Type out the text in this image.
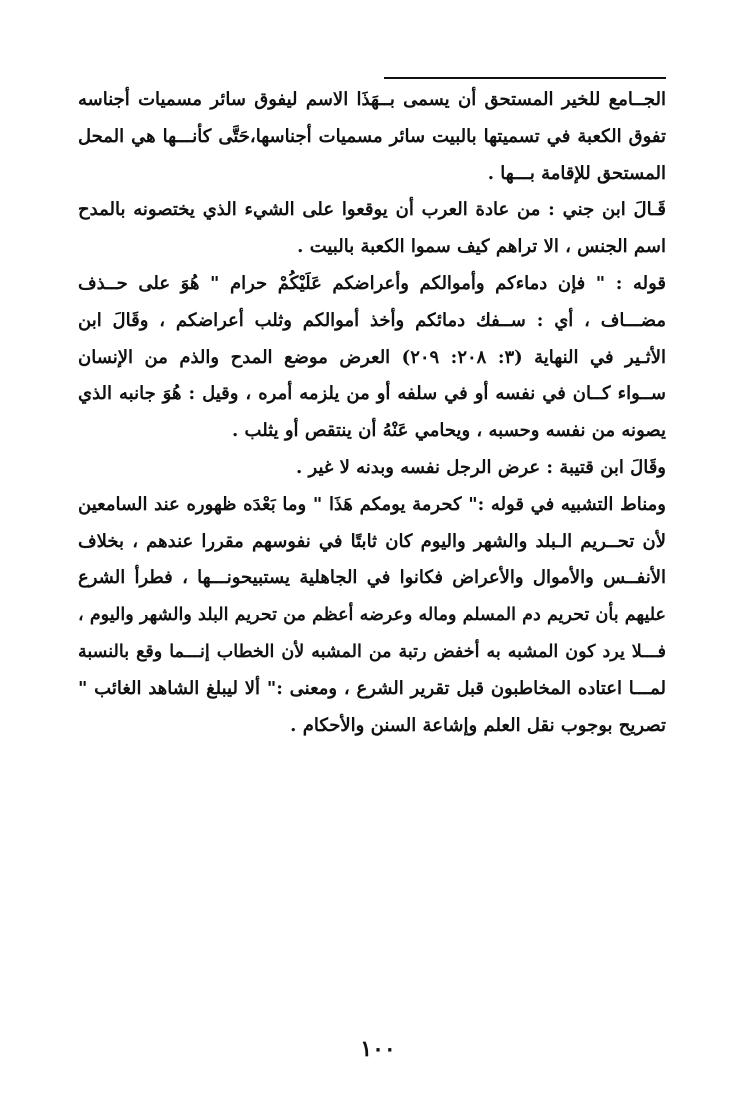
الجــامع للخير المستحق أن يسمى بــهَذَا الاسم ليفوق سائر مسميات أجناسه
تفوق الكعبة في تسميتها بالبيت سائر مسميات أجناسها،حَتَّى كأنـــها هي المحل
المستحق للإقامة بـــها .
قَـالَ ابن جني : من عادة العرب أن يوقعوا على الشيء الذي يختصونه بالمدح
اسم الجنس ، الا تراهم كيف سموا الكعبة بالبيت .
قوله : " فإن دماءكم وأموالكم وأعراضكم عَلَيْكُمْ حرام " هُوَ على حــذف
مضـــاف ، أي : ســفك دمائكم وأخذ أموالكم وثلب أعراضكم ، وقَالَ ابن
الأثـير في النهاية (٣: ٢٠٨: ٢٠٩) العرض موضع المدح والذم من الإنسان
ســواء كــان في نفسه أو في سلفه أو من يلزمه أمره ، وقيل : هُوَ جانبه الذي
يصونه من نفسه وحسبه ، ويحامي عَنْهُ أن ينتقص أو يثلب .
وقَالَ ابن قتيبة : عرض الرجل نفسه وبدنه لا غير .
ومناط التشبيه في قوله :" كحرمة يومكم هَذَا " وما بَعْدَه ظهوره عند السامعين
لأن تحــريم الـبلد والشهر واليوم كان ثابتًا في نفوسهم مقررا عندهم ، بخلاف
الأنفــس والأموال والأعراض فكانوا في الجاهلية يستبيحونـــها ، فطرأ الشرع
عليهم بأن تحريم دم المسلم وماله وعرضه أعظم من تحريم البلد والشهر واليوم ،
فـــلا يرد كون المشبه به أخفض رتبة من المشبه لأن الخطاب إنـــما وقع بالنسبة
لمـــا اعتاده المخاطبون قبل تقرير الشرع ، ومعنى :" ألا ليبلغ الشاهد الغائب "
تصريح بوجوب نقل العلم وإشاعة السنن والأحكام .
١٠٠
